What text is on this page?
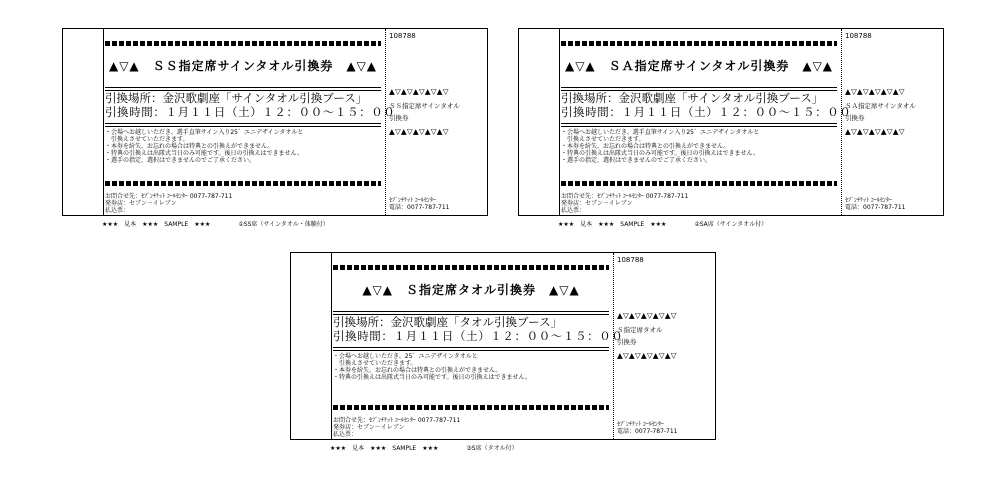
▲▽▲　ＳＳ指定席サインタオル引換券　▲▽▲
引換場所：金沢歌劇座「サインタオル引換ブース」
引換時間：１月１１日（土）１２：００～１５：００
・会場へお越しいただき、選手直筆サイン入り25゛ユニデザインタオルと
　引換えさせていただきます。
・本券を紛失、お忘れの場合は特典との引換えができません。
・特典の引換えは出隊式当日のみ可能です。後日の引換えはできません。
・選手の指定、選択はできませんのでご了承ください。
お問合せ先：ｾﾌﾞﾝﾁｹｯﾄ ｺｰﾙｾﾝﾀｰ 0077-787-711
発券店：セブン－イレブン
払込票：
108788
▲▽▲▽▲▽▲▽▲▽
ＳＳ指定席サインタオル
引換券
▲▽▲▽▲▽▲▽▲▽
ｾﾌﾞﾝﾁｹｯﾄ ｺｰﾙｾﾝﾀｰ
電話：0077-787-711
★★★　見本　★★★　SAMPLE　★★★	①SS席（サインタオル・体験付）
▲▽▲　ＳＡ指定席サインタオル引換券　▲▽▲
引換場所：金沢歌劇座「サインタオル引換ブース」
引換時間：１月１１日（土）１２：００～１５：００
・会場へお越しいただき、選手直筆サイン入り25゛ユニデザインタオルと
　引換えさせていただきます。
・本券を紛失、お忘れの場合は特典との引換えができません。
・特典の引換えは出隊式当日のみ可能です。後日の引換えはできません。
・選手の指定、選択はできませんのでご了承ください。
お問合せ先：ｾﾌﾞﾝﾁｹｯﾄ ｺｰﾙｾﾝﾀｰ 0077-787-711
発券店：セブン－イレブン
払込票：
108788
▲▽▲▽▲▽▲▽▲▽
ＳＡ指定席サインタオル
引換券
▲▽▲▽▲▽▲▽▲▽
ｾﾌﾞﾝﾁｹｯﾄ ｺｰﾙｾﾝﾀｰ
電話：0077-787-711
★★★　見本　★★★　SAMPLE　★★★	②SA席（サインタオル付）
▲▽▲　Ｓ指定席タオル引換券　▲▽▲
引換場所：金沢歌劇座「タオル引換ブース」
引換時間：１月１１日（土）１２：００～１５：００
・会場へお越しいただき、25゛ユニデザインタオルと
　引換えさせていただきます。
・本券を紛失、お忘れの場合は特典との引換えができません。
・特典の引換えは出隊式当日のみ可能です。後日の引換えはできません。
お問合せ先：ｾﾌﾞﾝﾁｹｯﾄ ｺｰﾙｾﾝﾀｰ 0077-787-711
発券店：セブン－イレブン
払込票：
108788
▲▽▲▽▲▽▲▽▲▽
Ｓ指定席タオル
引換券
▲▽▲▽▲▽▲▽▲▽
ｾﾌﾞﾝﾁｹｯﾄ ｺｰﾙｾﾝﾀｰ
電話：0077-787-711
★★★　見本　★★★　SAMPLE　★★★	③S席（タオル付）
